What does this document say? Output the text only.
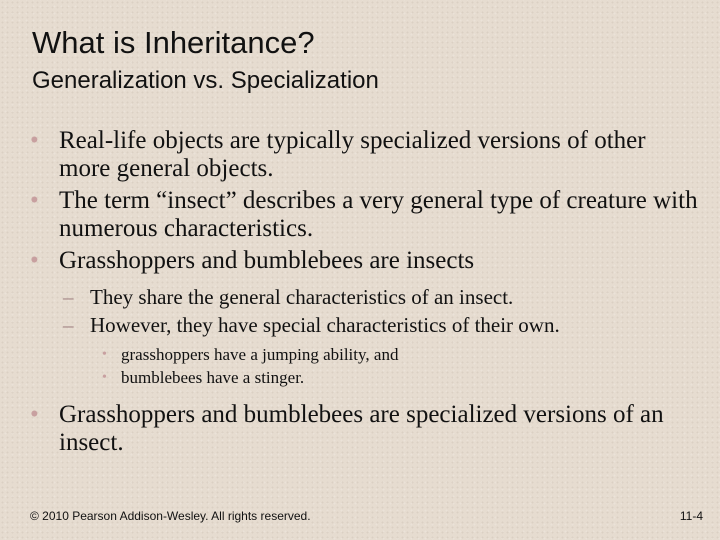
What is Inheritance?
Generalization vs. Specialization
• Real-life objects are typically specialized versions of other more general objects.
• The term “insect” describes a very general type of creature with numerous characteristics.
• Grasshoppers and bumblebees are insects
– They share the general characteristics of an insect.
– However, they have special characteristics of their own.
• grasshoppers have a jumping ability, and
• bumblebees have a stinger.
• Grasshoppers and bumblebees are specialized versions of an insect.
© 2010 Pearson Addison-Wesley. All rights reserved.	11-4
